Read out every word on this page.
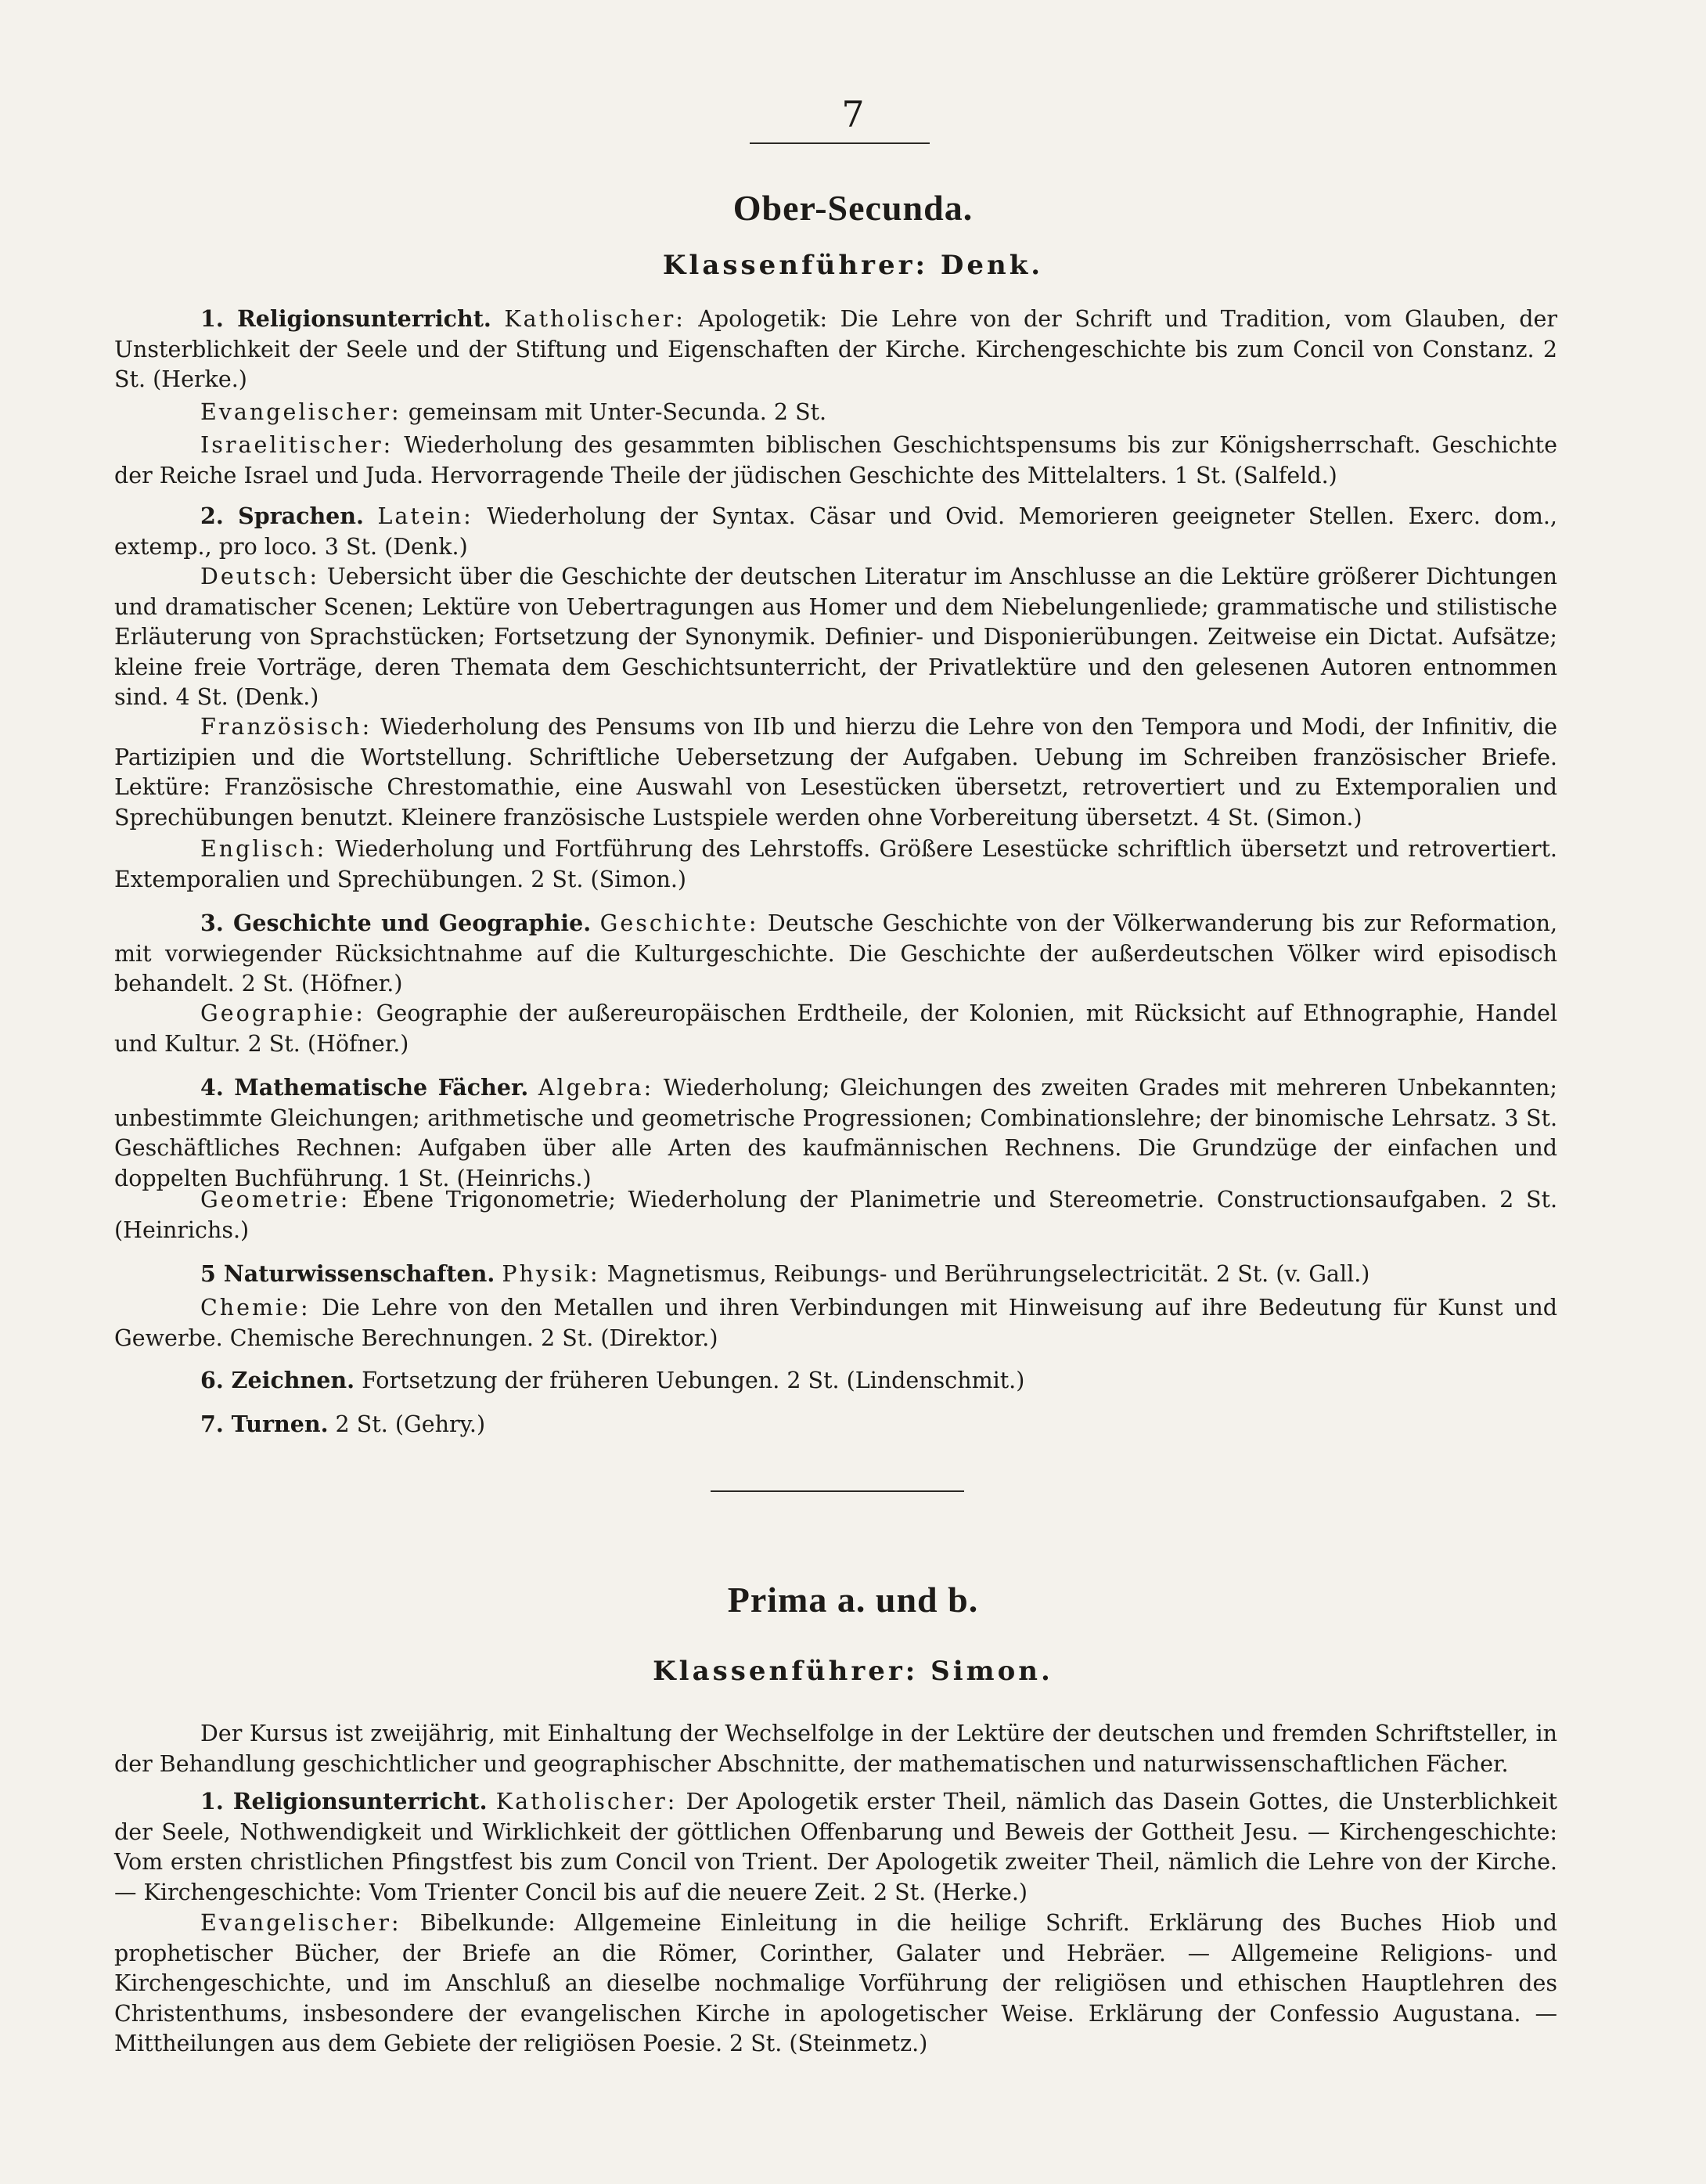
7
Ober-Secunda.
Klassenführer: Denk.
1. Religionsunterricht. Katholischer: Apologetik: Die Lehre von der Schrift und Tradition, vom Glauben, der Unsterblichkeit der Seele und der Stiftung und Eigenschaften der Kirche. Kirchengeschichte bis zum Concil von Constanz. 2 St. (Herke.)
Evangelischer: gemeinsam mit Unter-Secunda. 2 St.
Israelitischer: Wiederholung des gesammten biblischen Geschichtspensums bis zur Königsherrschaft. Geschichte der Reiche Israel und Juda. Hervorragende Theile der jüdischen Geschichte des Mittelalters. 1 St. (Salfeld.)
2. Sprachen. Latein: Wiederholung der Syntax. Cäsar und Ovid. Memorieren geeigneter Stellen. Exerc. dom., extemp., pro loco. 3 St. (Denk.)
Deutsch: Uebersicht über die Geschichte der deutschen Literatur im Anschlusse an die Lektüre größerer Dichtungen und dramatischer Scenen; Lektüre von Uebertragungen aus Homer und dem Niebelungenliede; grammatische und stilistische Erläuterung von Sprachstücken; Fortsetzung der Synonymik. Definier- und Disponierübungen. Zeitweise ein Dictat. Aufsätze; kleine freie Vorträge, deren Themata dem Geschichtsunterricht, der Privatlektüre und den gelesenen Autoren entnommen sind. 4 St. (Denk.)
Französisch: Wiederholung des Pensums von IIb und hierzu die Lehre von den Tempora und Modi, der Infinitiv, die Partizipien und die Wortstellung. Schriftliche Uebersetzung der Aufgaben. Uebung im Schreiben französischer Briefe. Lektüre: Französische Chrestomathie, eine Auswahl von Lesestücken übersetzt, retrovertiert und zu Extemporalien und Sprechübungen benutzt. Kleinere französische Lustspiele werden ohne Vorbereitung übersetzt. 4 St. (Simon.)
Englisch: Wiederholung und Fortführung des Lehrstoffs. Größere Lesestücke schriftlich übersetzt und retrovertiert. Extemporalien und Sprechübungen. 2 St. (Simon.)
3. Geschichte und Geographie. Geschichte: Deutsche Geschichte von der Völkerwanderung bis zur Reformation, mit vorwiegender Rücksichtnahme auf die Kulturgeschichte. Die Geschichte der außerdeutschen Völker wird episodisch behandelt. 2 St. (Höfner.)
Geographie: Geographie der außereuropäischen Erdtheile, der Kolonien, mit Rücksicht auf Ethnographie, Handel und Kultur. 2 St. (Höfner.)
4. Mathematische Fächer. Algebra: Wiederholung; Gleichungen des zweiten Grades mit mehreren Unbekannten; unbestimmte Gleichungen; arithmetische und geometrische Progressionen; Combinationslehre; der binomische Lehrsatz. 3 St. Geschäftliches Rechnen: Aufgaben über alle Arten des kaufmännischen Rechnens. Die Grundzüge der einfachen und doppelten Buchführung. 1 St. (Heinrichs.)
Geometrie: Ebene Trigonometrie; Wiederholung der Planimetrie und Stereometrie. Constructionsaufgaben. 2 St. (Heinrichs.)
5 Naturwissenschaften. Physik: Magnetismus, Reibungs- und Berührungselectricität. 2 St. (v. Gall.)
Chemie: Die Lehre von den Metallen und ihren Verbindungen mit Hinweisung auf ihre Bedeutung für Kunst und Gewerbe. Chemische Berechnungen. 2 St. (Direktor.)
6. Zeichnen. Fortsetzung der früheren Uebungen. 2 St. (Lindenschmit.)
7. Turnen. 2 St. (Gehry.)
Prima a. und b.
Klassenführer: Simon.
Der Kursus ist zweijährig, mit Einhaltung der Wechselfolge in der Lektüre der deutschen und fremden Schriftsteller, in der Behandlung geschichtlicher und geographischer Abschnitte, der mathematischen und naturwissenschaftlichen Fächer.
1. Religionsunterricht. Katholischer: Der Apologetik erster Theil, nämlich das Dasein Gottes, die Unsterblichkeit der Seele, Nothwendigkeit und Wirklichkeit der göttlichen Offenbarung und Beweis der Gottheit Jesu. — Kirchengeschichte: Vom ersten christlichen Pfingstfest bis zum Concil von Trient. Der Apologetik zweiter Theil, nämlich die Lehre von der Kirche. — Kirchengeschichte: Vom Trienter Concil bis auf die neuere Zeit. 2 St. (Herke.)
Evangelischer: Bibelkunde: Allgemeine Einleitung in die heilige Schrift. Erklärung des Buches Hiob und prophetischer Bücher, der Briefe an die Römer, Corinther, Galater und Hebräer. — Allgemeine Religions- und Kirchengeschichte, und im Anschluß an dieselbe nochmalige Vorführung der religiösen und ethischen Hauptlehren des Christenthums, insbesondere der evangelischen Kirche in apologetischer Weise. Erklärung der Confessio Augustana. — Mittheilungen aus dem Gebiete der religiösen Poesie. 2 St. (Steinmetz.)
